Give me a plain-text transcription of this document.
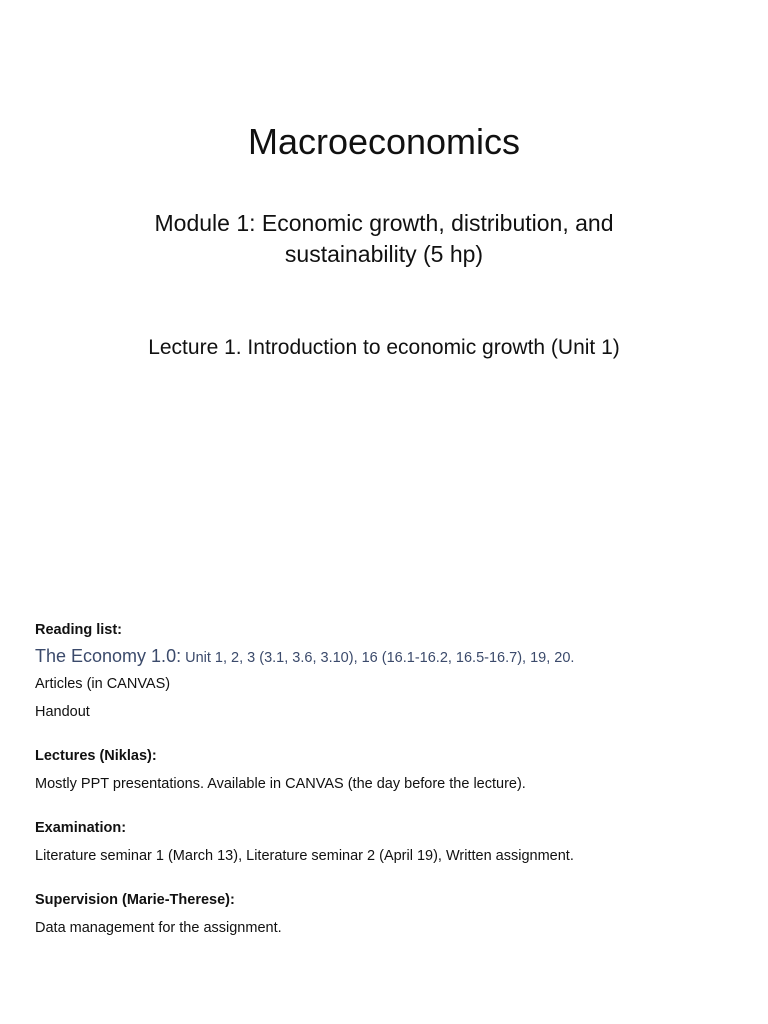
Macroeconomics
Module 1: Economic growth, distribution, and
sustainability (5 hp)
Lecture 1. Introduction to economic growth (Unit 1)
Reading list:
The Economy 1.0: Unit 1, 2, 3 (3.1, 3.6, 3.10), 16 (16.1-16.2, 16.5-16.7), 19, 20.
Articles (in CANVAS)
Handout
Lectures (Niklas):
Mostly PPT presentations. Available in CANVAS (the day before the lecture).
Examination:
Literature seminar 1 (March 13), Literature seminar 2 (April 19), Written assignment.
Supervision (Marie-Therese):
Data management for the assignment.
